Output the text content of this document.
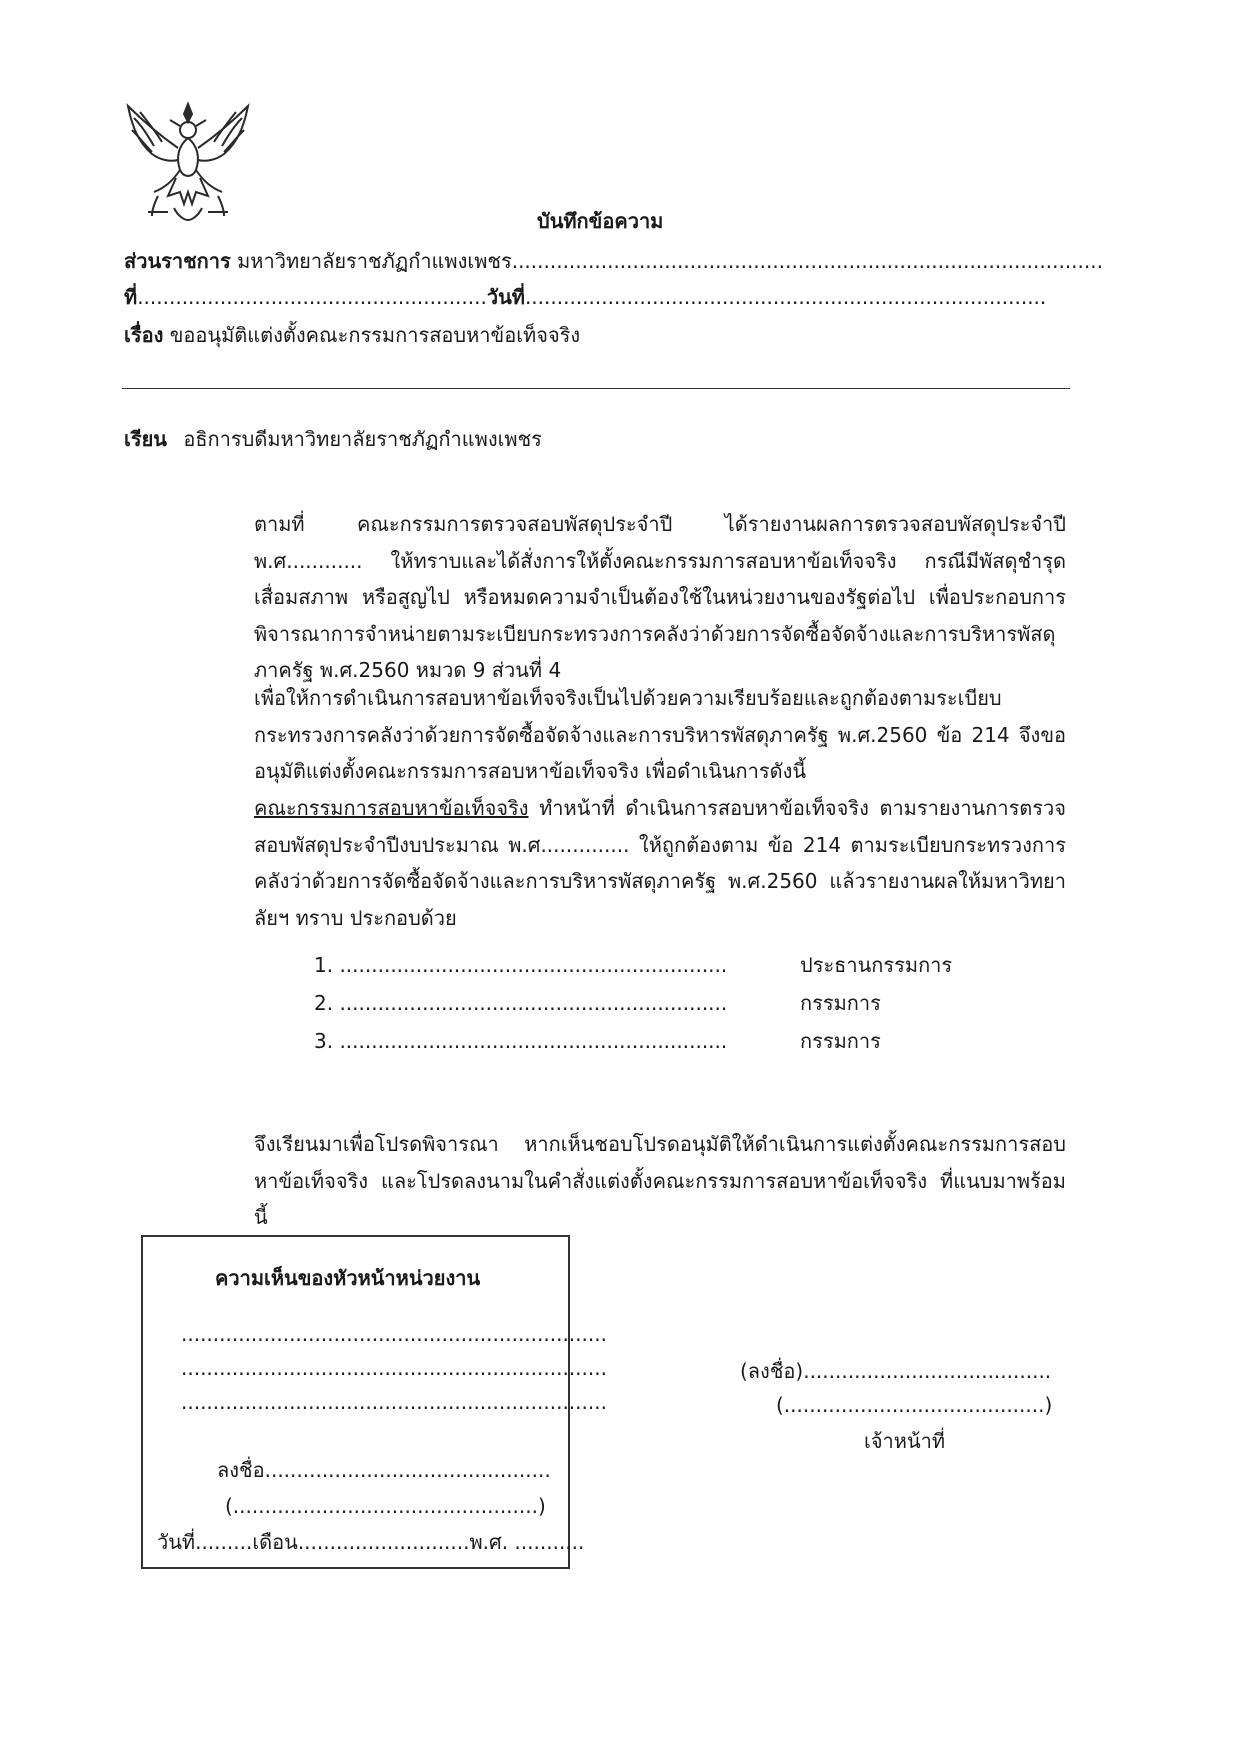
บันทึกข้อความ
ส่วนราชการ มหาวิทยาลัยราชภัฏกำแพงเพชร.............................................................................................
ที่.......................................................วันที่..................................................................................
เรื่อง ขออนุมัติแต่งตั้งคณะกรรมการสอบหาข้อเท็จจริง
เรียน อธิการบดีมหาวิทยาลัยราชภัฏกำแพงเพชร

ตามที่ คณะกรรมการตรวจสอบพัสดุประจำปี ได้รายงานผลการตรวจสอบพัสดุประจำปี พ.ศ............ ให้ทราบและได้สั่งการให้ตั้งคณะกรรมการสอบหาข้อเท็จจริง กรณีมีพัสดุชำรุด เสื่อมสภาพ หรือสูญไป หรือหมดความจำเป็นต้องใช้ในหน่วยงานของรัฐต่อไป เพื่อประกอบการพิจารณาการจำหน่ายตามระเบียบกระทรวงการคลังว่าด้วยการจัดซื้อจัดจ้างและการบริหารพัสดุภาครัฐ พ.ศ.2560 หมวด 9 ส่วนที่ 4

เพื่อให้การดำเนินการสอบหาข้อเท็จจริงเป็นไปด้วยความเรียบร้อยและถูกต้องตามระเบียบกระทรวงการคลังว่าด้วยการจัดซื้อจัดจ้างและการบริหารพัสดุภาครัฐ พ.ศ.2560 ข้อ 214 จึงขออนุมัติแต่งตั้งคณะกรรมการสอบหาข้อเท็จจริง เพื่อดำเนินการดังนี้

คณะกรรมการสอบหาข้อเท็จจริง ทำหน้าที่ ดำเนินการสอบหาข้อเท็จจริง ตามรายงานการตรวจสอบพัสดุประจำปีงบประมาณ พ.ศ.............. ให้ถูกต้องตาม ข้อ 214 ตามระเบียบกระทรวงการคลังว่าด้วยการจัดซื้อจัดจ้างและการบริหารพัสดุภาครัฐ พ.ศ.2560 แล้วรายงานผลให้มหาวิทยาลัยฯ ทราบ ประกอบด้วย

1. .............................................................	ประธานกรรมการ
2. .............................................................	กรรมการ
3. .............................................................	กรรมการ

จึงเรียนมาเพื่อโปรดพิจารณา หากเห็นชอบโปรดอนุมัติให้ดำเนินการแต่งตั้งคณะกรรมการสอบหาข้อเท็จจริง และโปรดลงนามในคำสั่งแต่งตั้งคณะกรรมการสอบหาข้อเท็จจริง ที่แนบมาพร้อมนี้

ความเห็นของหัวหน้าหน่วยงาน
...................................................................
...................................................................
...................................................................
ลงชื่อ.............................................
(................................................)
วันที่.........เดือน...........................พ.ศ. ...........
(ลงชื่อ).......................................
(.........................................)
เจ้าหน้าที่
